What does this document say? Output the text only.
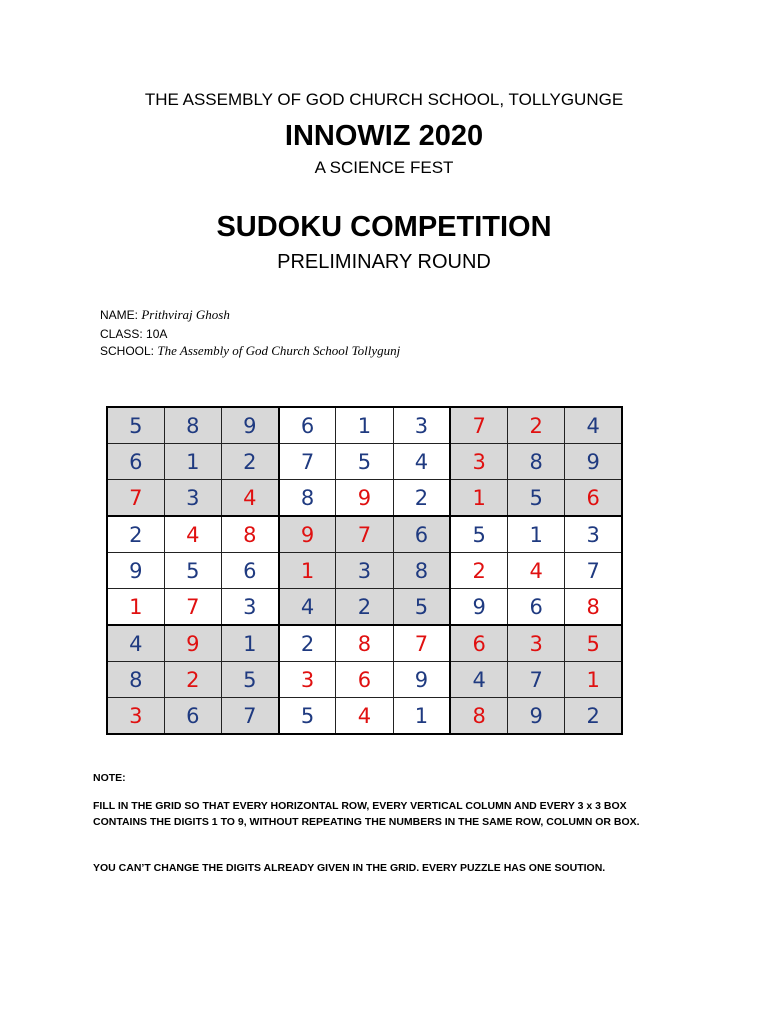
THE ASSEMBLY OF GOD CHURCH SCHOOL, TOLLYGUNGE
INNOWIZ 2020
A SCIENCE FEST
SUDOKU COMPETITION
PRELIMINARY ROUND
NAME: Prithviraj Ghosh
CLASS: 10A
SCHOOL: The Assembly of God Church School Tollygunj
5	8	9	6	1	3	7	2	4
6	1	2	7	5	4	3	8	9
7	3	4	8	9	2	1	5	6
2	4	8	9	7	6	5	1	3
9	5	6	1	3	8	2	4	7
1	7	3	4	2	5	9	6	8
4	9	1	2	8	7	6	3	5
8	2	5	3	6	9	4	7	1
3	6	7	5	4	1	8	9	2
NOTE:
FILL IN THE GRID SO THAT EVERY HORIZONTAL ROW, EVERY VERTICAL COLUMN AND EVERY 3 x 3 BOX CONTAINS THE DIGITS 1 TO 9, WITHOUT REPEATING THE NUMBERS IN THE SAME ROW, COLUMN OR BOX.
YOU CAN’T CHANGE THE DIGITS ALREADY GIVEN IN THE GRID. EVERY PUZZLE HAS ONE SOUTION.
